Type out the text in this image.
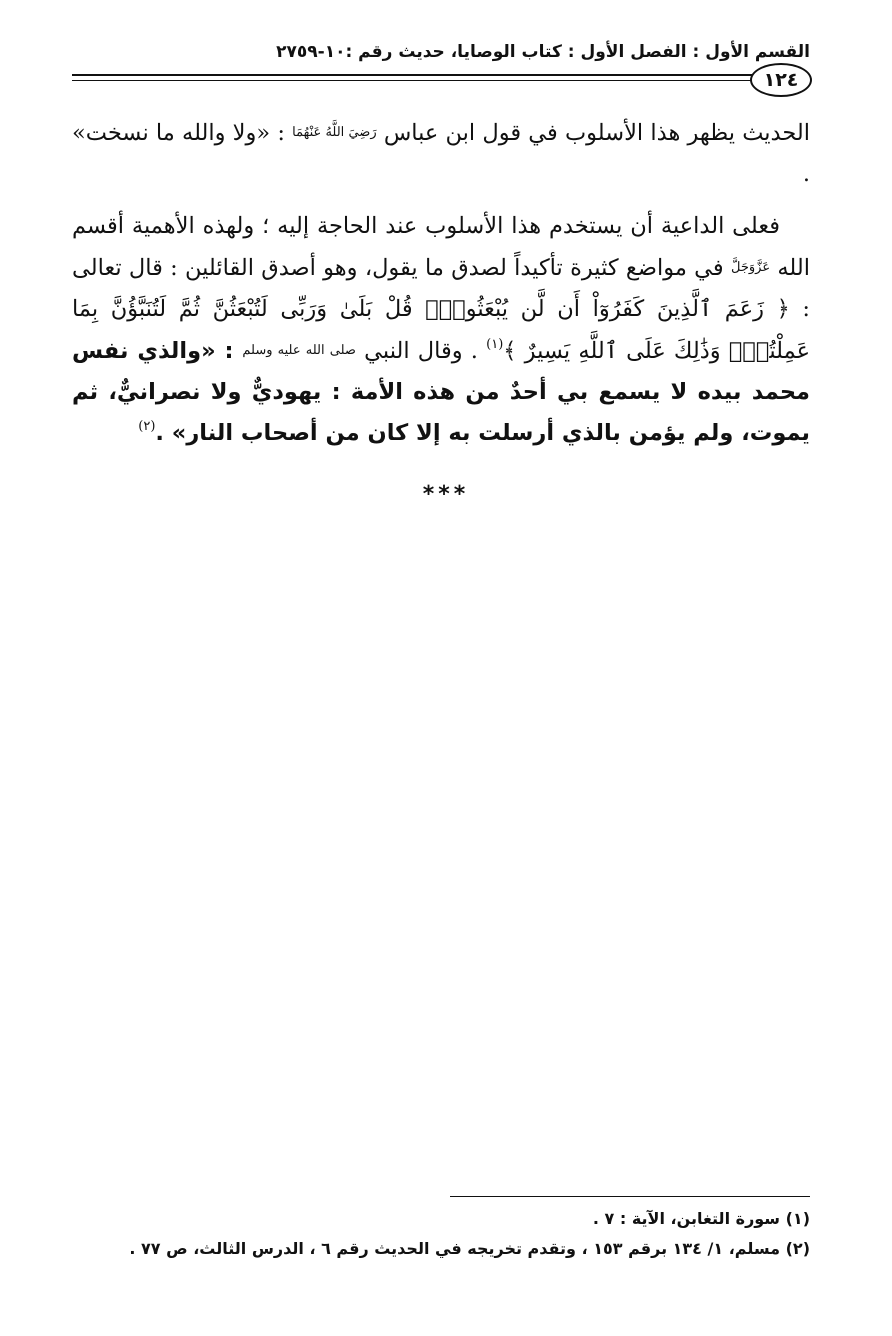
القسم الأول : الفصل الأول : كتاب الوصايا، حديث رقم :١٠-٢٧٥٩
١٢٤

الحديث يظهر هذا الأسلوب في قول ابن عباس رَضِيَ اللَّهُ عَنْهُمَا : «ولا والله ما نسخت» .

فعلى الداعية أن يستخدم هذا الأسلوب عند الحاجة إليه ؛ ولهذه الأهمية أقسم الله عَزَّوَجَلَّ في مواضع كثيرة تأكيداً لصدق ما يقول، وهو أصدق القائلين : قال تعالى : ﴿ زَعَمَ ٱلَّذِينَ كَفَرُوٓاْ أَن لَّن يُبْعَثُواْۚ قُلْ بَلَىٰ وَرَبِّى لَتُبْعَثُنَّ ثُمَّ لَتُنَبَّؤُنَّ بِمَا عَمِلْتُمْۚ وَذَٰلِكَ عَلَى ٱللَّهِ يَسِيرٌ ﴾$^{(١)}$ . وقال النبي صلى الله عليه وسلم : «والذي نفس محمد بيده لا يسمع بي أحدٌ من هذه الأمة : يهوديٌّ ولا نصرانيٌّ، ثم يموت، ولم يؤمن بالذي أرسلت به إلا كان من أصحاب النار» .$^{(٢)}$

***
(١) سورة التغابن، الآية : ٧ .
(٢) مسلم، ١/ ١٣٤ برقم ١٥٣ ، وتقدم تخريجه في الحديث رقم ٦ ، الدرس الثالث، ص ٧٧ .
